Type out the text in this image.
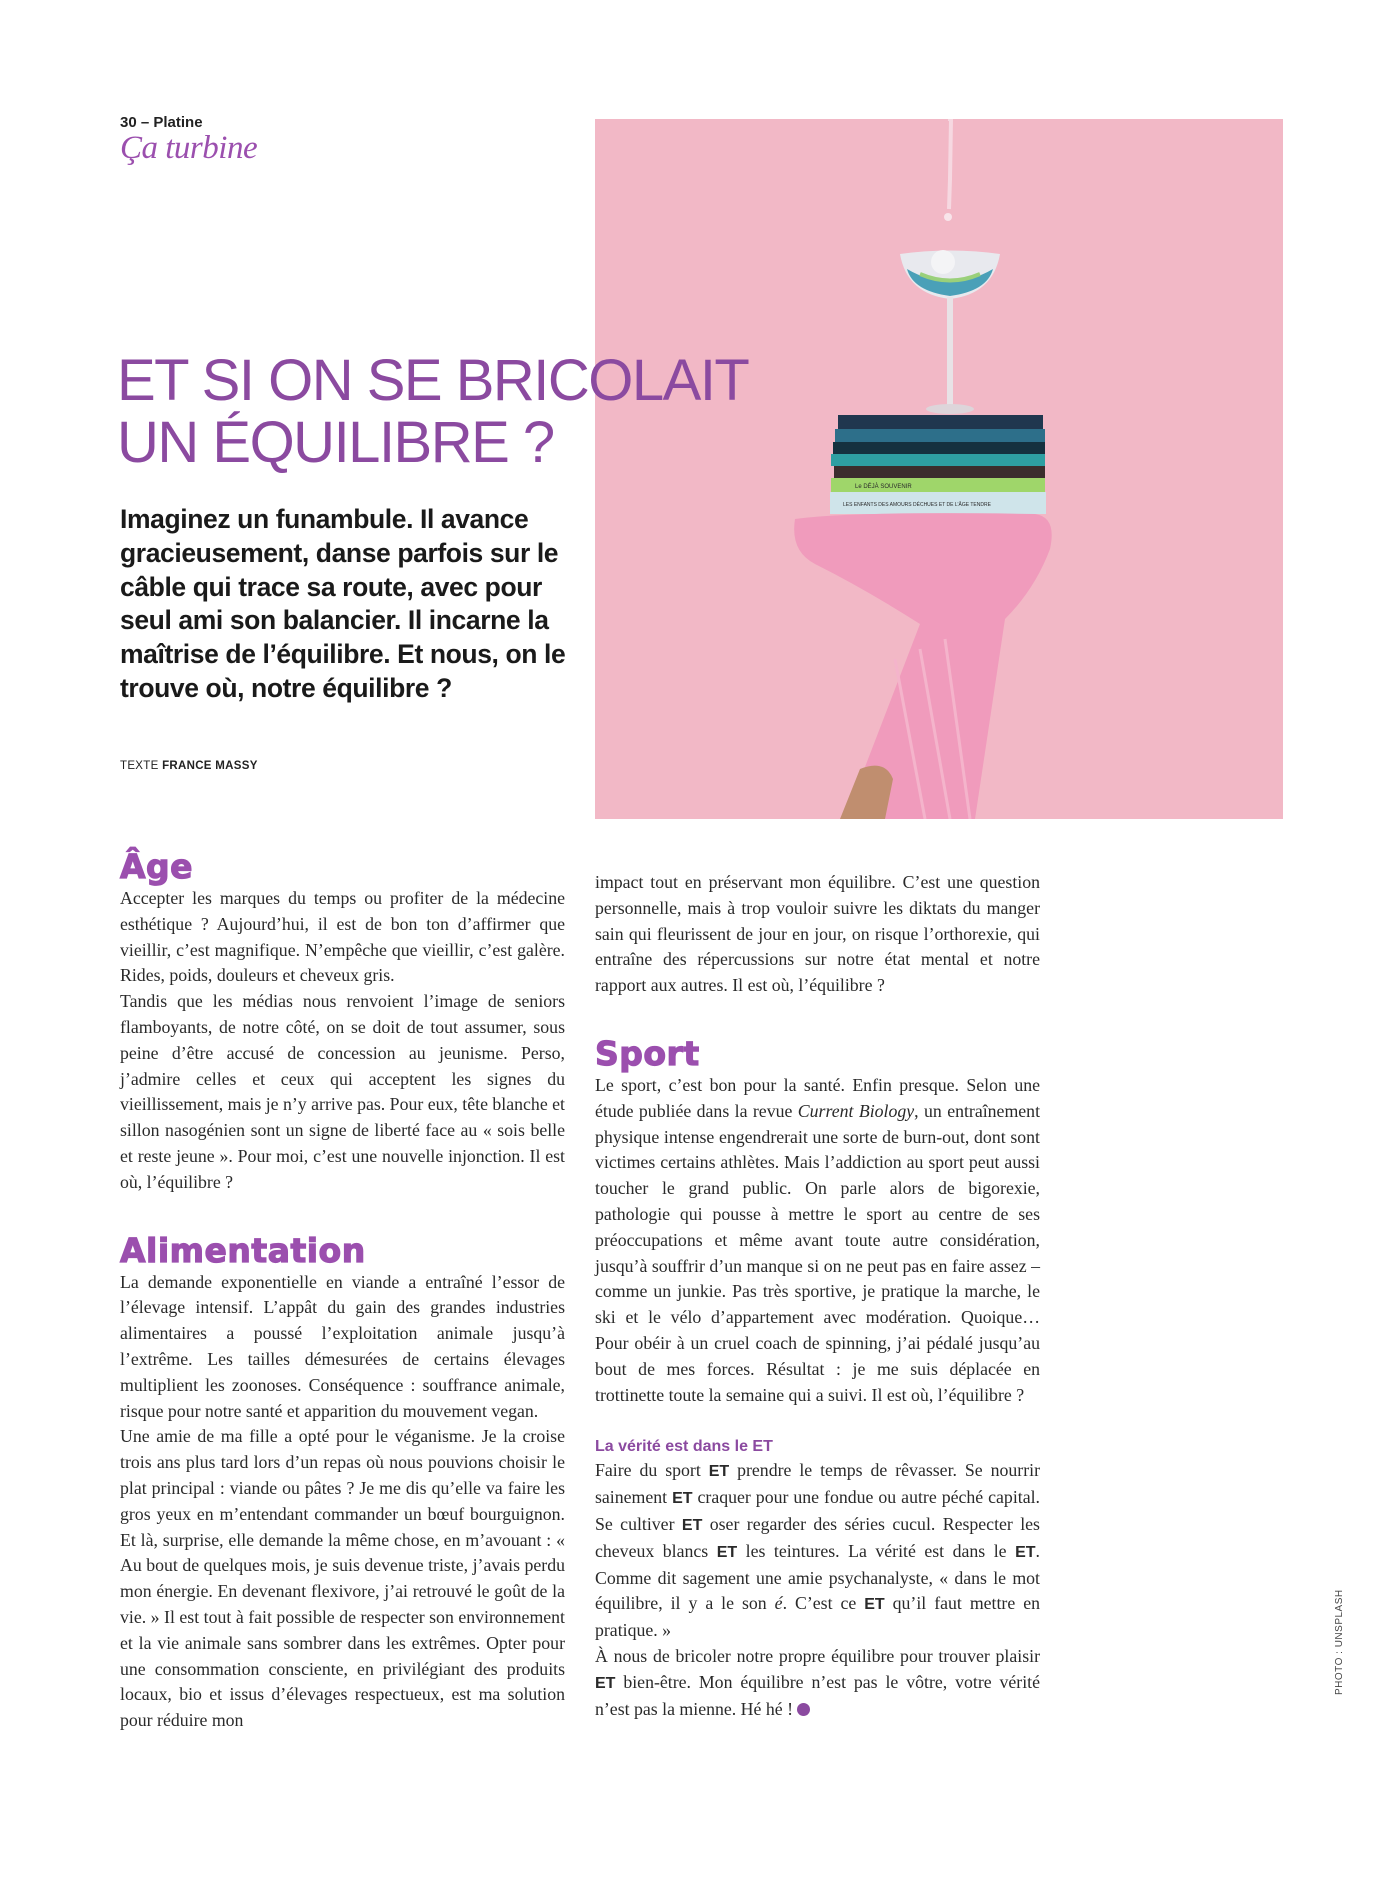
30 – Platine
Ça turbine
Le DÉJÀ SOUVENIR
LES ENFANTS DES AMOURS DÉCHUES ET DE L’ÂGE TENDRE
ET SI ON SE BRICOLAIT
UN ÉQUILIBRE ?
Imaginez un funambule. Il avance gracieusement, danse parfois sur le câble qui trace sa route, avec pour seul ami son balancier. Il incarne la maîtrise de l’équilibre. Et nous, on le trouve où, notre équilibre ?
TEXTE FRANCE MASSY
Âge

Accepter les marques du temps ou profiter de la médecine esthétique ? Aujourd’hui, il est de bon ton d’affirmer que vieillir, c’est magnifique. N’empêche que vieillir, c’est galère. Rides, poids, douleurs et cheveux gris.

Tandis que les médias nous renvoient l’image de seniors flamboyants, de notre côté, on se doit de tout assumer, sous peine d’être accusé de concession au jeunisme. Perso, j’admire celles et ceux qui acceptent les signes du vieillissement, mais je n’y arrive pas. Pour eux, tête blanche et sillon nasogénien sont un signe de liberté face au « sois belle et reste jeune ». Pour moi, c’est une nouvelle injonction. Il est où, l’équilibre ?

Alimentation

La demande exponentielle en viande a entraîné l’essor de l’élevage intensif. L’appât du gain des grandes industries alimentaires a poussé l’exploitation animale jusqu’à l’extrême. Les tailles démesurées de certains élevages multiplient les zoonoses. Conséquence : souffrance animale, risque pour notre santé et apparition du mouvement vegan.

Une amie de ma fille a opté pour le véganisme. Je la croise trois ans plus tard lors d’un repas où nous pouvions choisir le plat principal : viande ou pâtes ? Je me dis qu’elle va faire les gros yeux en m’entendant commander un bœuf bourguignon. Et là, surprise, elle demande la même chose, en m’avouant : « Au bout de quelques mois, je suis devenue triste, j’avais perdu mon énergie. En devenant flexivore, j’ai retrouvé le goût de la vie. » Il est tout à fait possible de respecter son environnement et la vie animale sans sombrer dans les extrêmes. Opter pour une consommation consciente, en privilégiant des produits locaux, bio et issus d’élevages respectueux, est ma solution pour réduire mon

impact tout en préservant mon équilibre. C’est une question personnelle, mais à trop vouloir suivre les diktats du manger sain qui fleurissent de jour en jour, on risque l’orthorexie, qui entraîne des répercussions sur notre état mental et notre rapport aux autres. Il est où, l’équilibre ?

Sport

Le sport, c’est bon pour la santé. Enfin presque. Selon une étude publiée dans la revue Current Biology, un entraînement physique intense engendrerait une sorte de burn-out, dont sont victimes certains athlètes. Mais l’addiction au sport peut aussi toucher le grand public. On parle alors de bigorexie, pathologie qui pousse à mettre le sport au centre de ses préoccupations et même avant toute autre considération, jusqu’à souffrir d’un manque si on ne peut pas en faire assez – comme un junkie. Pas très sportive, je pratique la marche, le ski et le vélo d’appartement avec modération. Quoique… Pour obéir à un cruel coach de spinning, j’ai pédalé jusqu’au bout de mes forces. Résultat : je me suis déplacée en trottinette toute la semaine qui a suivi. Il est où, l’équilibre ?

La vérité est dans le ET

Faire du sport ET prendre le temps de rêvasser. Se nourrir sainement ET craquer pour une fondue ou autre péché capital. Se cultiver ET oser regarder des séries cucul. Respecter les cheveux blancs ET les teintures. La vérité est dans le ET. Comme dit sagement une amie psychanalyste, « dans le mot équilibre, il y a le son é. C’est ce ET qu’il faut mettre en pratique. »

À nous de bricoler notre propre équilibre pour trouver plaisir ET bien-être. Mon équilibre n’est pas le vôtre, votre vérité n’est pas la mienne. Hé hé !

PHOTO : UNSPLASH
